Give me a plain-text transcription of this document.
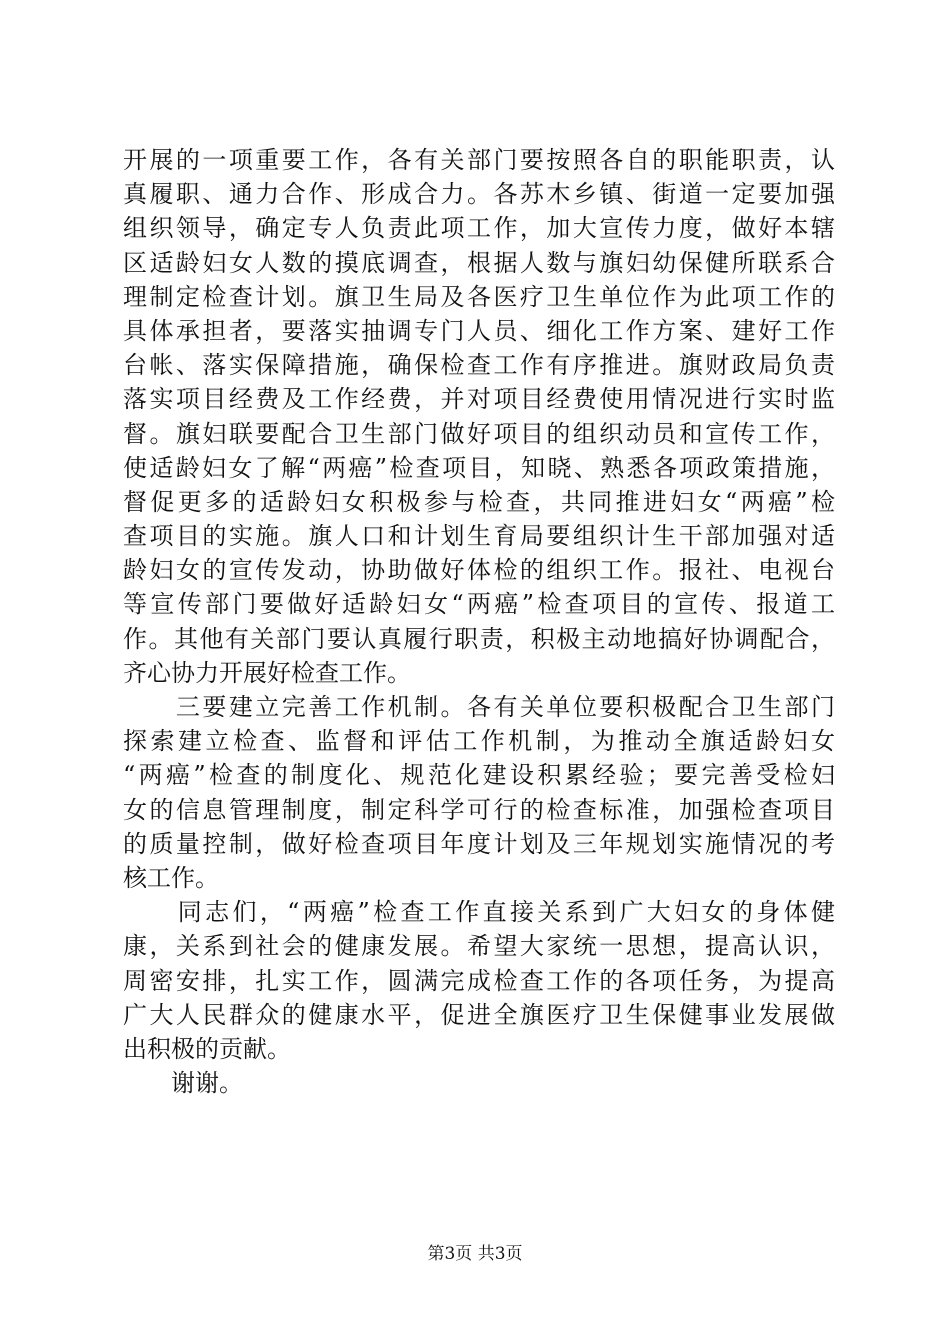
开展的一项重要工作，各有关部门要按照各自的职能职责，认
真履职、通力合作、形成合力。各苏木乡镇、街道一定要加强
组织领导，确定专人负责此项工作，加大宣传力度，做好本辖
区适龄妇女人数的摸底调查，根据人数与旗妇幼保健所联系合
理制定检查计划。旗卫生局及各医疗卫生单位作为此项工作的
具体承担者，要落实抽调专门人员、细化工作方案、建好工作
台帐、落实保障措施，确保检查工作有序推进。旗财政局负责
落实项目经费及工作经费，并对项目经费使用情况进行实时监
督。旗妇联要配合卫生部门做好项目的组织动员和宣传工作，
使适龄妇女了解“两癌”检查项目，知晓、熟悉各项政策措施，
督促更多的适龄妇女积极参与检查，共同推进妇女“两癌”检
查项目的实施。旗人口和计划生育局要组织计生干部加强对适
龄妇女的宣传发动，协助做好体检的组织工作。报社、电视台
等宣传部门要做好适龄妇女“两癌”检查项目的宣传、报道工
作。其他有关部门要认真履行职责，积极主动地搞好协调配合，
齐心协力开展好检查工作。
　　三要建立完善工作机制。各有关单位要积极配合卫生部门
探索建立检查、监督和评估工作机制，为推动全旗适龄妇女
“两癌”检查的制度化、规范化建设积累经验；要完善受检妇
女的信息管理制度，制定科学可行的检查标准，加强检查项目
的质量控制，做好检查项目年度计划及三年规划实施情况的考
核工作。
　　同志们，“两癌”检查工作直接关系到广大妇女的身体健
康，关系到社会的健康发展。希望大家统一思想，提高认识，
周密安排，扎实工作，圆满完成检查工作的各项任务，为提高
广大人民群众的健康水平，促进全旗医疗卫生保健事业发展做
出积极的贡献。
　　谢谢。
第3页 共3页
